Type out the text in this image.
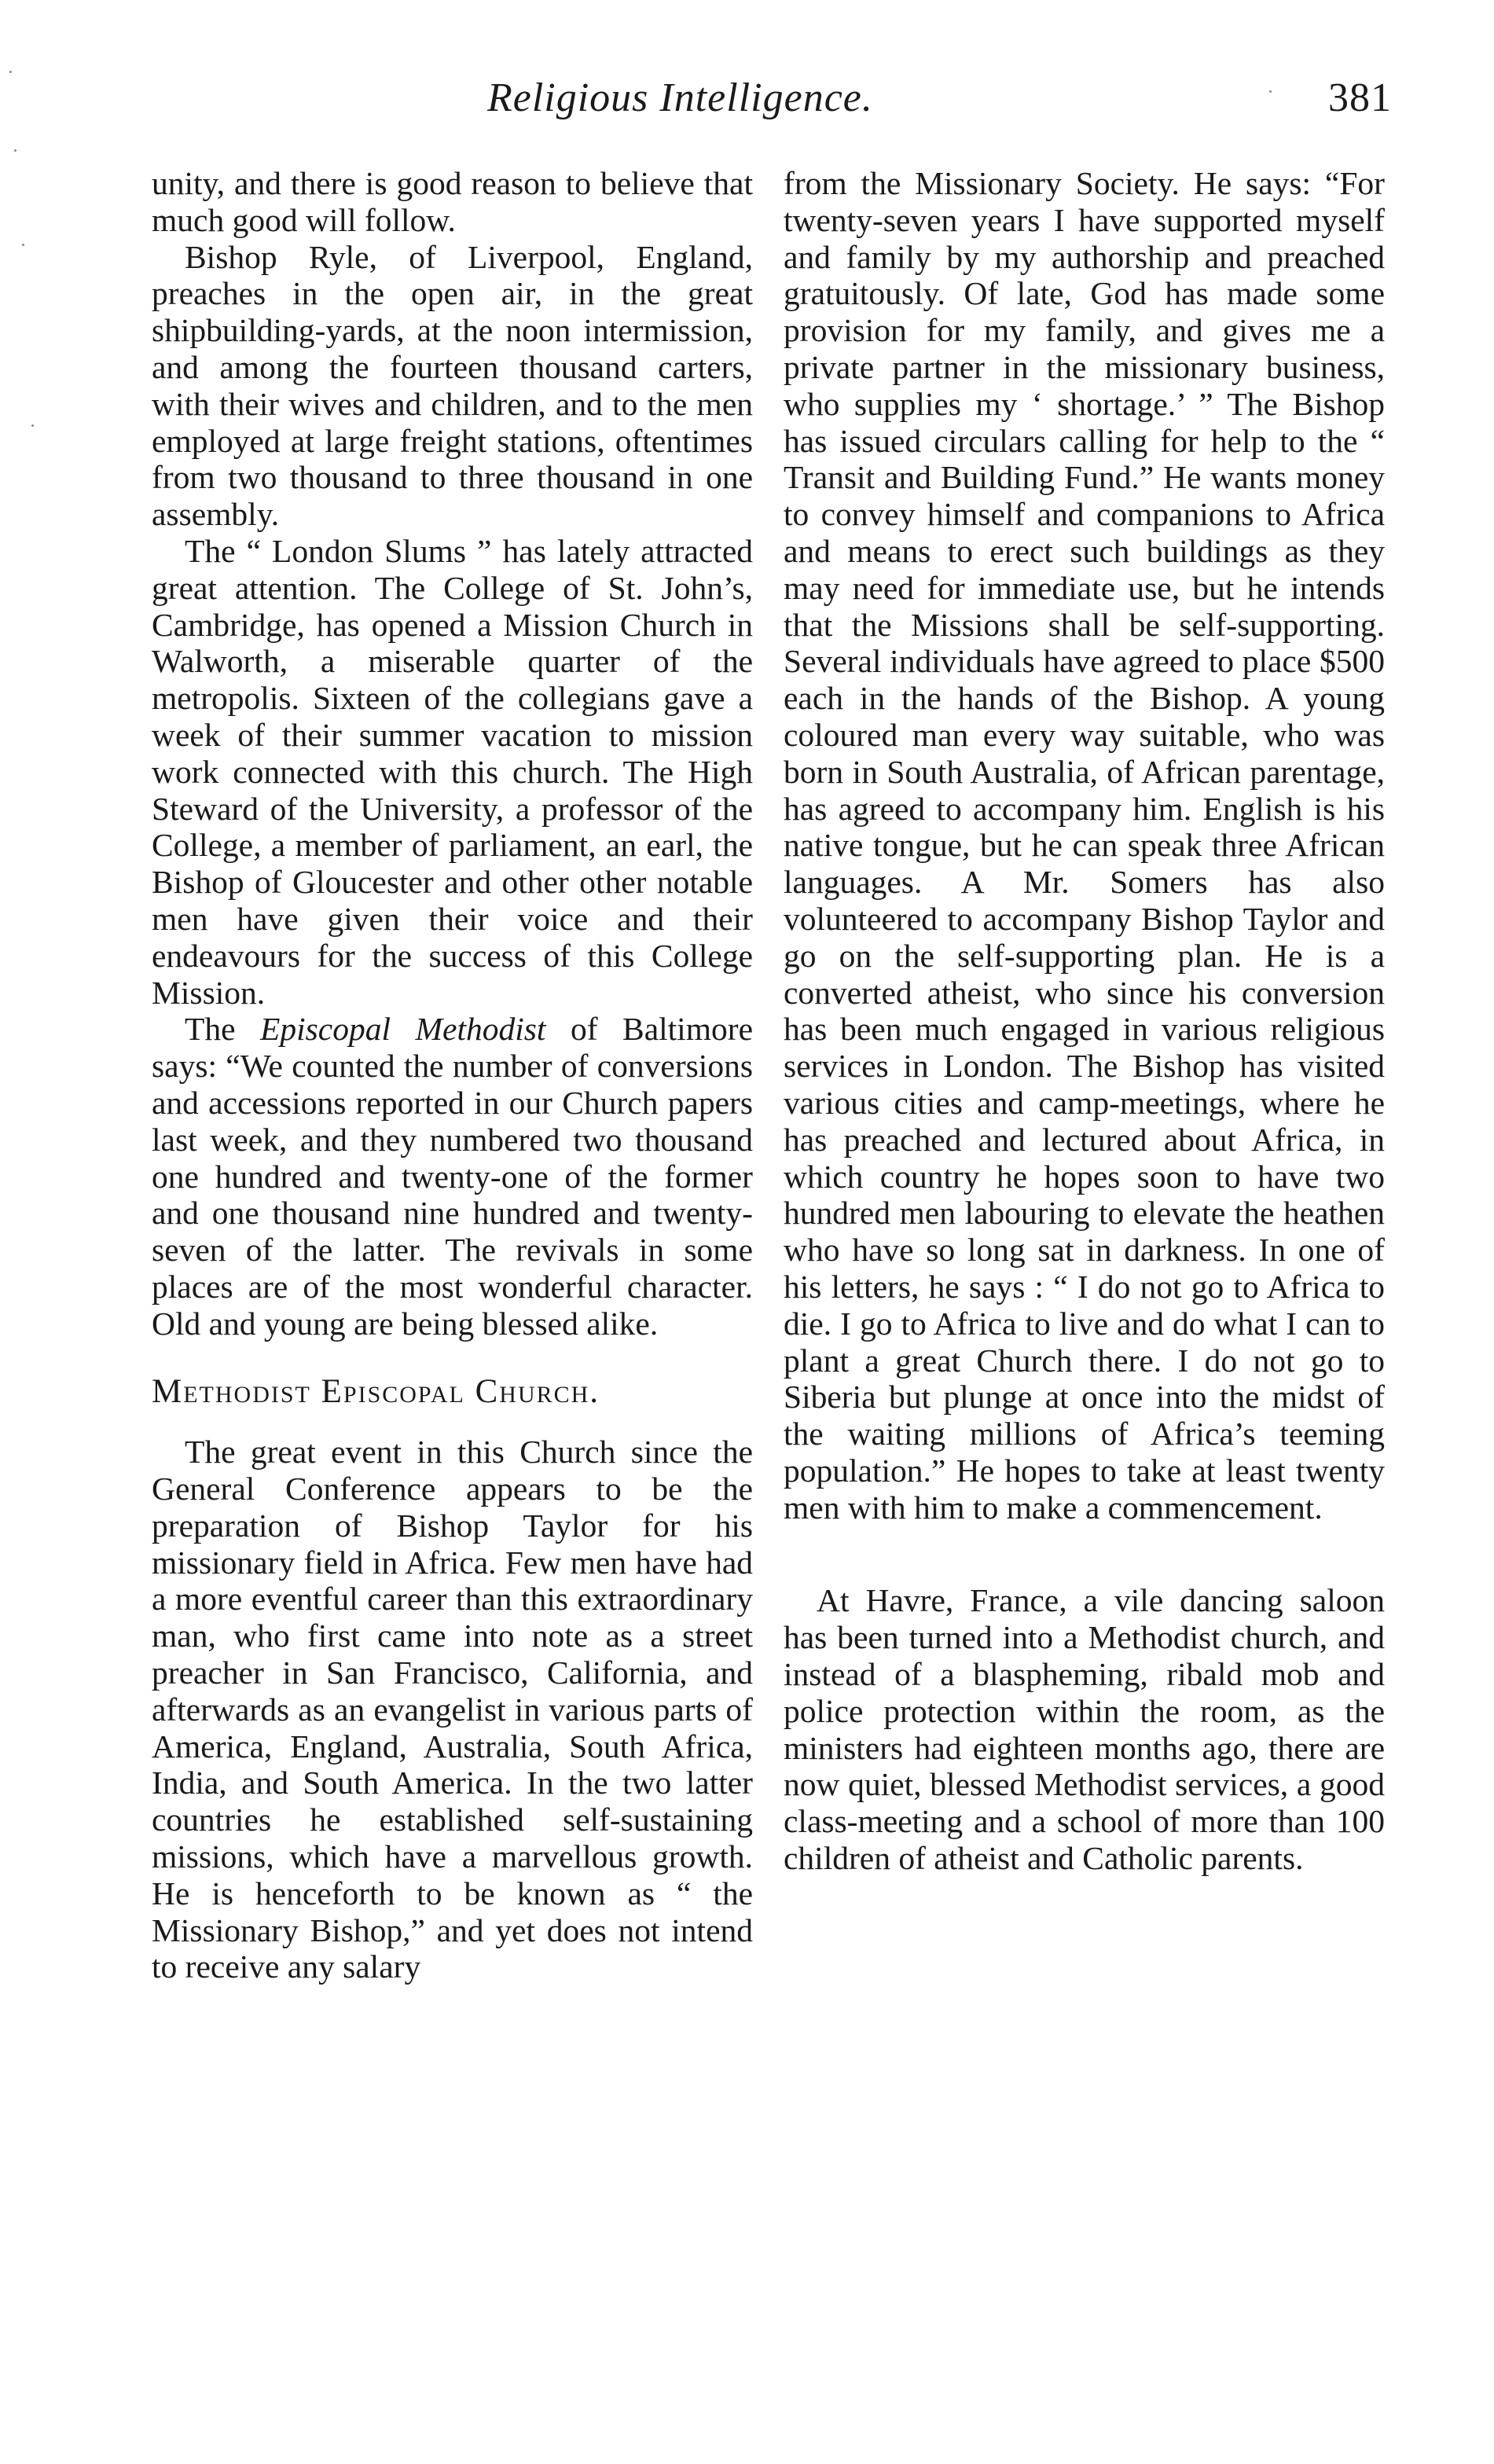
Religious Intelligence.	381

unity, and there is good reason to believe that much good will follow.

Bishop Ryle, of Liverpool, England, preaches in the open air, in the great shipbuilding-yards, at the noon intermission, and among the fourteen thousand carters, with their wives and children, and to the men employed at large freight stations, oftentimes from two thousand to three thousand in one assembly.

The “ London Slums ” has lately attracted great attention. The College of St. John’s, Cambridge, has opened a Mission Church in Walworth, a miserable quarter of the metropolis. Sixteen of the collegians gave a week of their summer vacation to mission work connected with this church. The High Steward of the University, a professor of the College, a member of parliament, an earl, the Bishop of Gloucester and other other notable men have given their voice and their endeavours for the success of this College Mission.

The Episcopal Methodist of Baltimore says: “We counted the number of conversions and accessions reported in our Church papers last week, and they numbered two thousand one hundred and twenty-one of the former and one thousand nine hundred and twenty-seven of the latter. The revivals in some places are of the most wonderful character. Old and young are being blessed alike.

Methodist Episcopal Church.

The great event in this Church since the General Conference appears to be the preparation of Bishop Taylor for his missionary field in Africa. Few men have had a more eventful career than this extraordinary man, who first came into note as a street preacher in San Francisco, California, and afterwards as an evangelist in various parts of America, England, Australia, South Africa, India, and South America. In the two latter countries he established self-sustaining missions, which have a marvellous growth. He is henceforth to be known as “ the Missionary Bishop,” and yet does not intend to receive any salary

from the Missionary Society. He says: “For twenty-seven years I have supported myself and family by my authorship and preached gratuitously. Of late, God has made some provision for my family, and gives me a private partner in the missionary business, who supplies my ‘ shortage.’ ” The Bishop has issued circulars calling for help to the “ Transit and Building Fund.” He wants money to convey himself and companions to Africa and means to erect such buildings as they may need for immediate use, but he intends that the Missions shall be self-supporting. Several individuals have agreed to place $500 each in the hands of the Bishop. A young coloured man every way suitable, who was born in South Australia, of African parentage, has agreed to accompany him. English is his native tongue, but he can speak three African languages. A Mr. Somers has also volunteered to accompany Bishop Taylor and go on the self-supporting plan. He is a converted atheist, who since his conversion has been much engaged in various religious services in London. The Bishop has visited various cities and camp-meetings, where he has preached and lectured about Africa, in which country he hopes soon to have two hundred men labouring to elevate the heathen who have so long sat in darkness. In one of his letters, he says : “ I do not go to Africa to die. I go to Africa to live and do what I can to plant a great Church there. I do not go to Siberia but plunge at once into the midst of the waiting millions of Africa’s teeming population.” He hopes to take at least twenty men with him to make a commencement.

At Havre, France, a vile dancing saloon has been turned into a Methodist church, and instead of a blaspheming, ribald mob and police protection within the room, as the ministers had eighteen months ago, there are now quiet, blessed Methodist services, a good class-meeting and a school of more than 100 children of atheist and Catholic parents.
